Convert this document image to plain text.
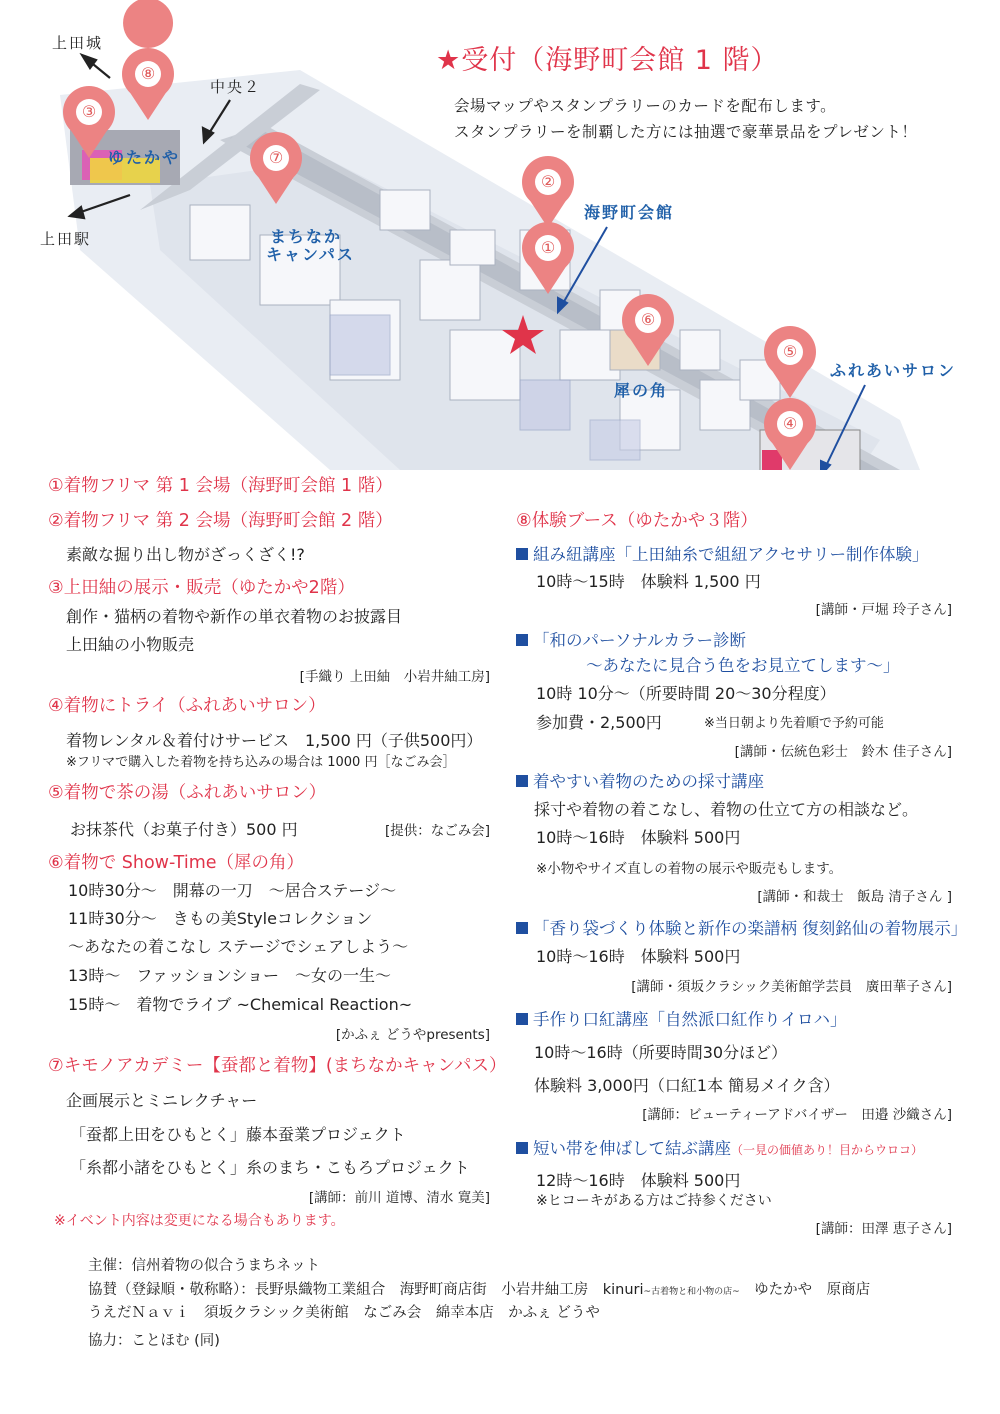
⑧
③
⑦
②
①
⑥
⑤
④
上田城
中央２
上田駅
ゆたかや
まちなか
キャンパス
海野町会館
犀の角
ふれあいサロン
★受付（海野町会館 1 階）
会場マップやスタンプラリーのカードを配布します。
スタンプラリーを制覇した方には抽選で豪華景品をプレゼント！
①着物フリマ 第 1 会場（海野町会館 1 階）
②着物フリマ 第 2 会場（海野町会館 2 階）
素敵な掘り出し物がざっくざく!?
③上田紬の展示・販売（ゆたかや2階）
創作・猫柄の着物や新作の単衣着物のお披露目
上田紬の小物販売
[手織り 上田紬　小岩井紬工房]
④着物にトライ（ふれあいサロン）
着物レンタル＆着付けサービス　1,500 円（子供500円）
※フリマで購入した着物を持ち込みの場合は 1000 円［なごみ会］
⑤着物で茶の湯（ふれあいサロン）
お抹茶代（お菓子付き）500 円	[提供：なごみ会]
⑥着物で Show-Time（犀の角）
10時30分～　開幕の一刀　～居合ステージ～
11時30分～　きもの美Styleコレクション
～あなたの着こなし ステージでシェアしよう～
13時～　ファッションショー　～女の一生～
15時～　着物でライブ ~Chemical Reaction~
[かふぇ どうやpresents]
⑦キモノアカデミー【蚕都と着物】(まちなかキャンパス）
企画展示とミニレクチャー
「蚕都上田をひもとく」藤本蚕業プロジェクト
「糸都小諸をひもとく」糸のまち・こもろプロジェクト
[講師：前川 道博、清水 寛美]
※イベント内容は変更になる場合もあります。
⑧体験ブース（ゆたかや３階）
組み紐講座「上田紬糸で組紐アクセサリー制作体験」
10時～15時　体験料 1,500 円
[講師・戸堀 玲子さん]
「和のパーソナルカラー診断
～あなたに見合う色をお見立てします～」
10時 10分～（所要時間 20～30分程度）
参加費・2,500円	※当日朝より先着順で予約可能
[講師・伝統色彩士　鈴木 佳子さん]
着やすい着物のための採寸講座
採寸や着物の着こなし、着物の仕立て方の相談など。
10時～16時　体験料 500円
※小物やサイズ直しの着物の展示や販売もします。
[講師・和裁士　飯島 清子さん ]
「香り袋づくり体験と新作の楽譜柄 復刻銘仙の着物展示」
10時～16時　体験料 500円
[講師・須坂クラシック美術館学芸員　廣田華子さん]
手作り口紅講座「自然派口紅作りイロハ」
10時～16時（所要時間30分ほど）
体験料 3,000円（口紅1本 簡易メイク含）
[講師：ビューティーアドバイザー　田邉 沙織さん]
短い帯を伸ばして結ぶ講座（一見の価値あり！目からウロコ）
12時～16時　体験料 500円
※ヒコーキがある方はご持参ください
[講師：田澤 恵子さん]
主催：信州着物の似合うまちネット
協賛（登録順・敬称略）：長野県織物工業組合　海野町商店街　小岩井紬工房　kinuri~古着物と和小物の店~　ゆたかや　原商店
うえだＮａｖｉ　須坂クラシック美術館　なごみ会　綿幸本店　かふぇ どうや
協力：ことほむ (同)
